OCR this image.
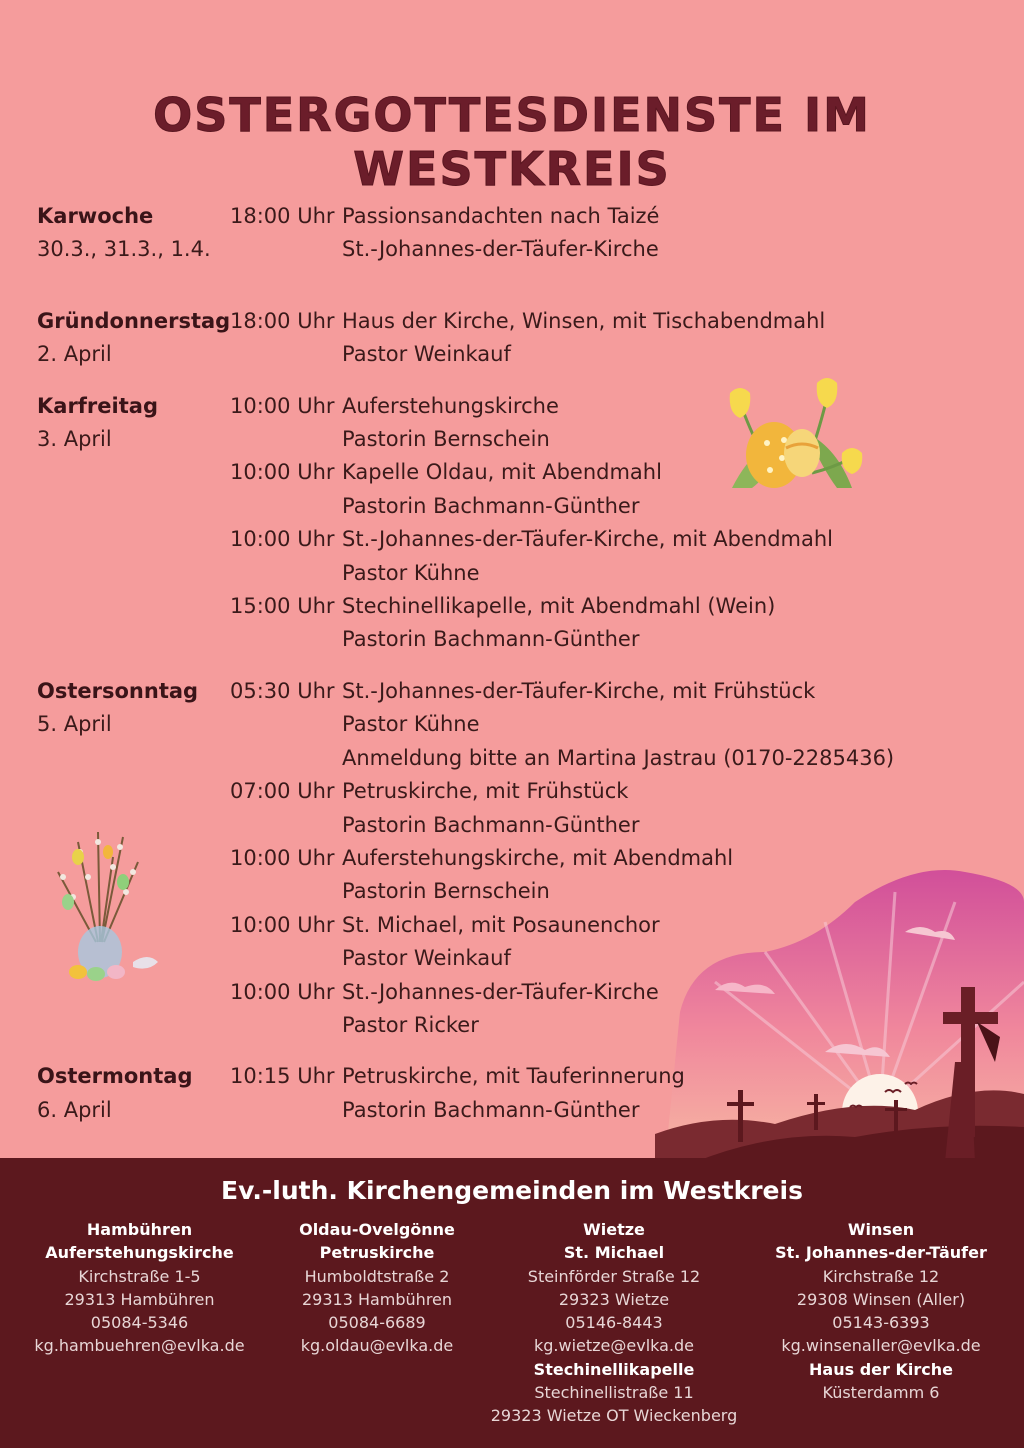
OSTERGOTTESDIENSTE IM WESTKREIS
Karwoche
30.3., 31.3., 1.4.
18:00 Uhr Passionsandachten nach Taizé
St.-Johannes-der-Täufer-Kirche
Gründonnerstag
2. April
18:00 Uhr Haus der Kirche, Winsen, mit Tischabendmahl
Pastor Weinkauf
Karfreitag
3. April
10:00 Uhr Auferstehungskirche
Pastorin Bernschein
10:00 Uhr Kapelle Oldau, mit Abendmahl
Pastorin Bachmann-Günther
10:00 Uhr St.-Johannes-der-Täufer-Kirche, mit Abendmahl
Pastor Kühne
15:00 Uhr Stechinellikapelle, mit Abendmahl (Wein)
Pastorin Bachmann-Günther
Ostersonntag
5. April
05:30 Uhr St.-Johannes-der-Täufer-Kirche, mit Frühstück
Pastor Kühne
Anmeldung bitte an Martina Jastrau (0170-2285436)
07:00 Uhr Petruskirche, mit Frühstück
Pastorin Bachmann-Günther
10:00 Uhr Auferstehungskirche, mit Abendmahl
Pastorin Bernschein
10:00 Uhr St. Michael, mit Posaunenchor
Pastor Weinkauf
10:00 Uhr St.-Johannes-der-Täufer-Kirche
Pastor Ricker
Ostermontag
6. April
10:15 Uhr Petruskirche, mit Tauferinnerung
Pastorin Bachmann-Günther
Ev.-luth. Kirchengemeinden im Westkreis
Hambühren
Auferstehungskirche
Kirchstraße 1-5
29313 Hambühren
05084-5346
kg.hambuehren@evlka.de
Oldau-Ovelgönne
Petruskirche
Humboldtstraße 2
29313 Hambühren
05084-6689
kg.oldau@evlka.de
Wietze
St. Michael
Steinförder Straße 12
29323 Wietze
05146-8443
kg.wietze@evlka.de
Stechinellikapelle
Stechinellistraße 11
29323 Wietze OT Wieckenberg
Winsen
St. Johannes-der-Täufer
Kirchstraße 12
29308 Winsen (Aller)
05143-6393
kg.winsenaller@evlka.de
Haus der Kirche
Küsterdamm 6
